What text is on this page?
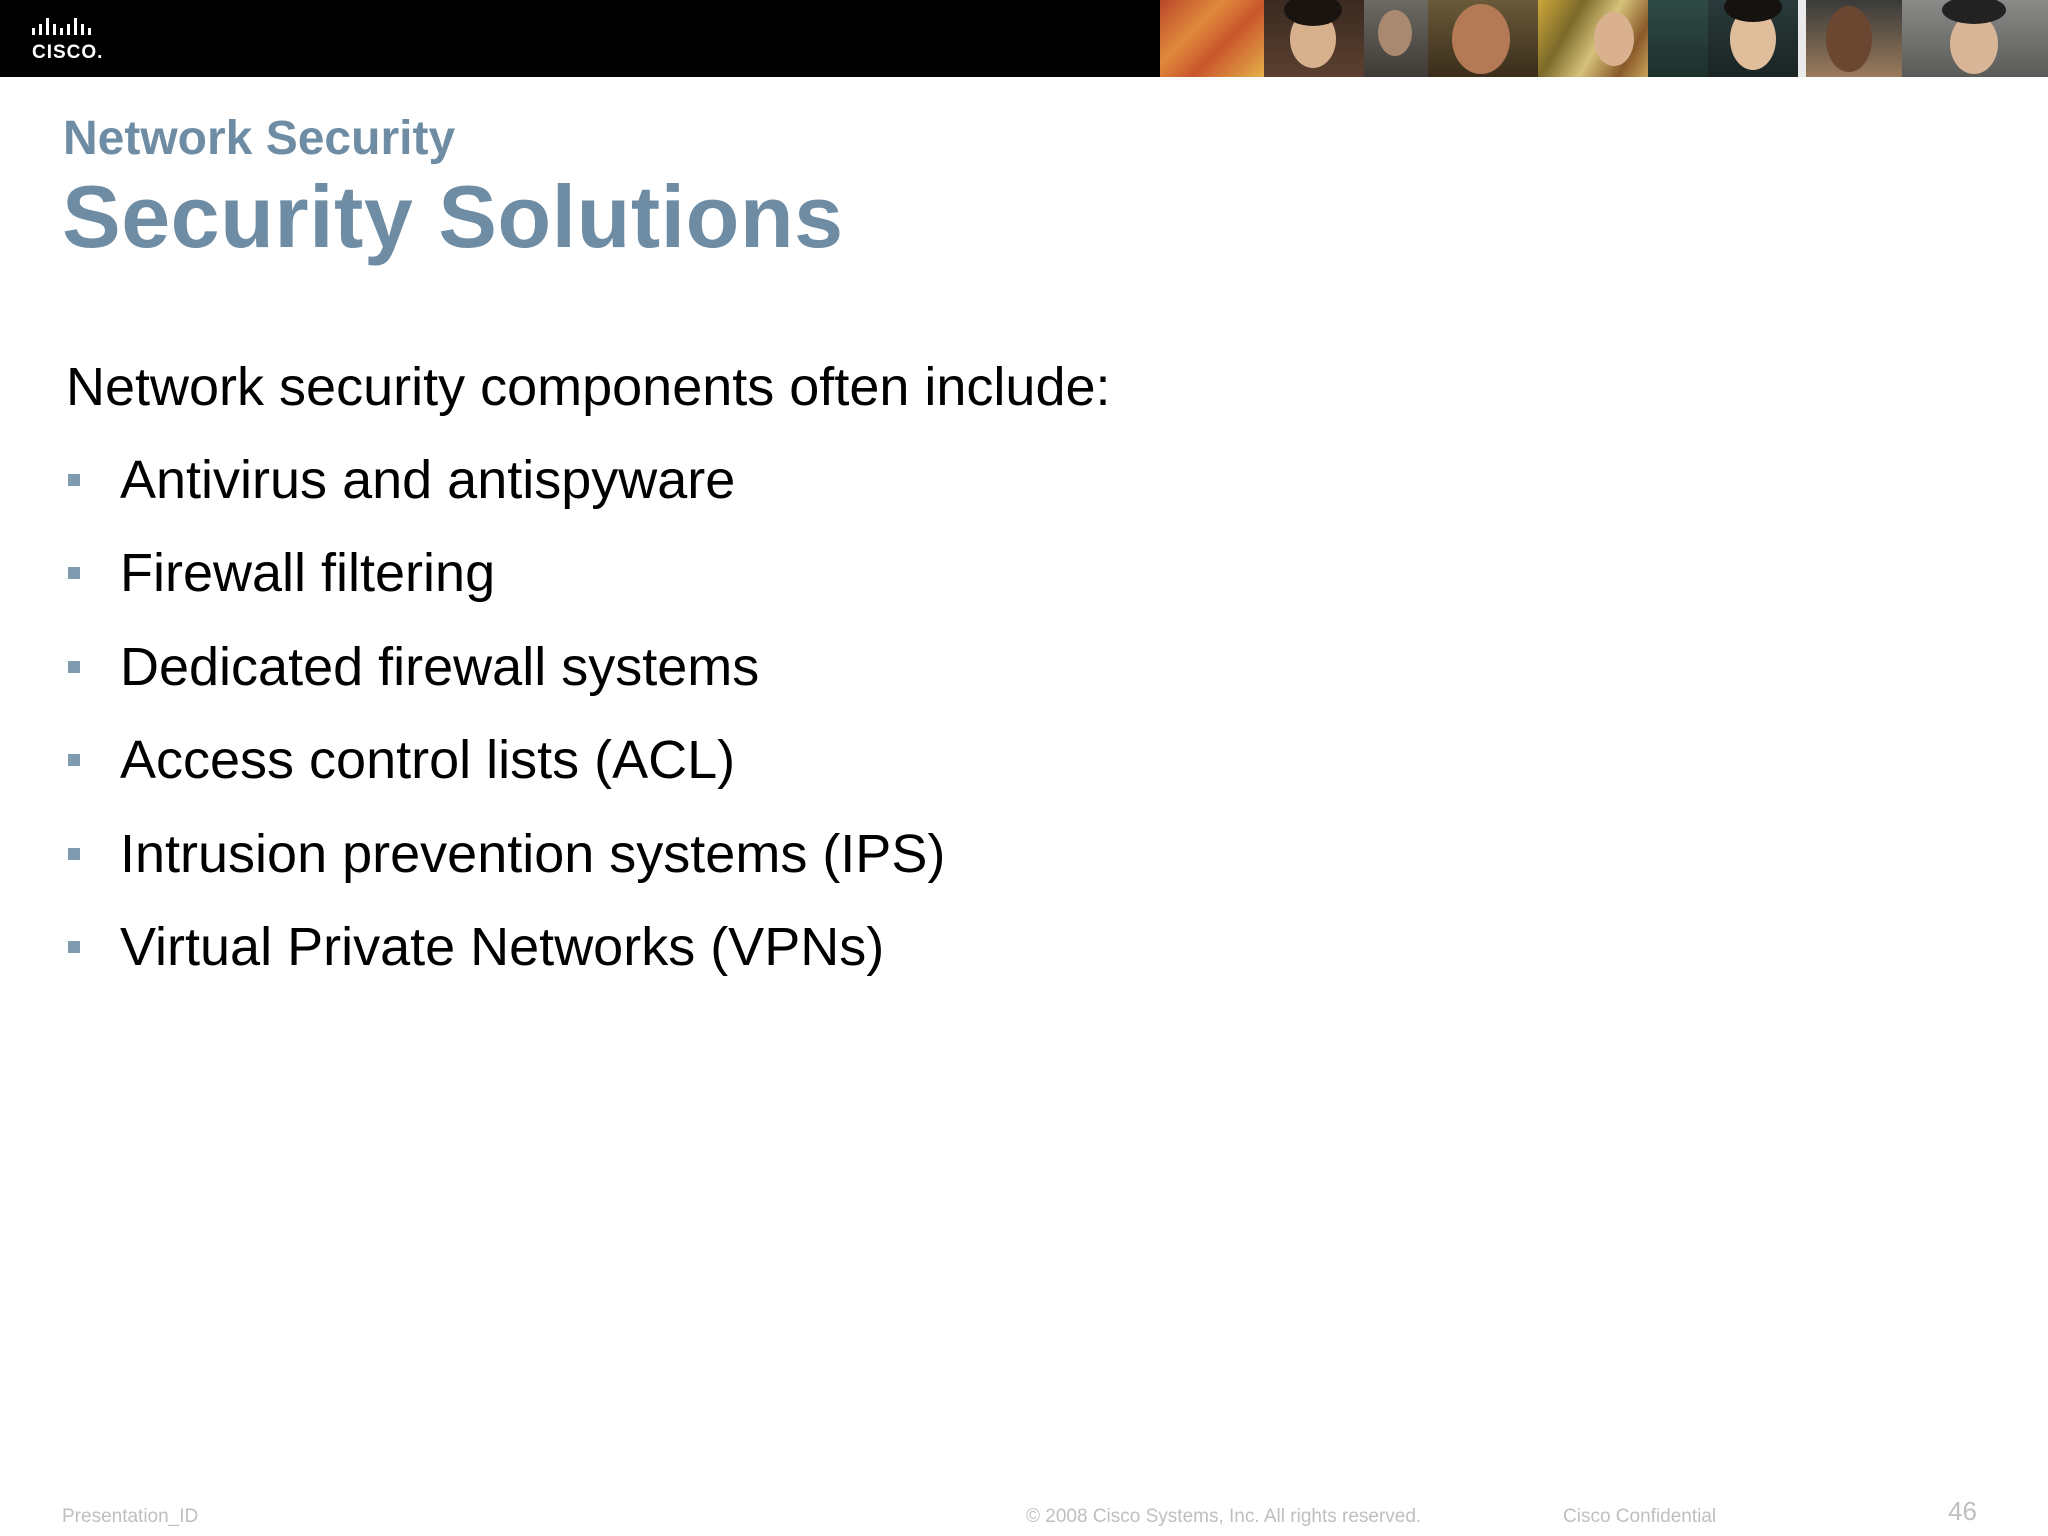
CISCO.
Network Security
Security Solutions
Network security components often include:
Antivirus and antispyware
Firewall filtering
Dedicated firewall systems
Access control lists (ACL)
Intrusion prevention systems (IPS)
Virtual Private Networks (VPNs)
Presentation_ID	© 2008 Cisco Systems, Inc. All rights reserved.	Cisco Confidential	46
